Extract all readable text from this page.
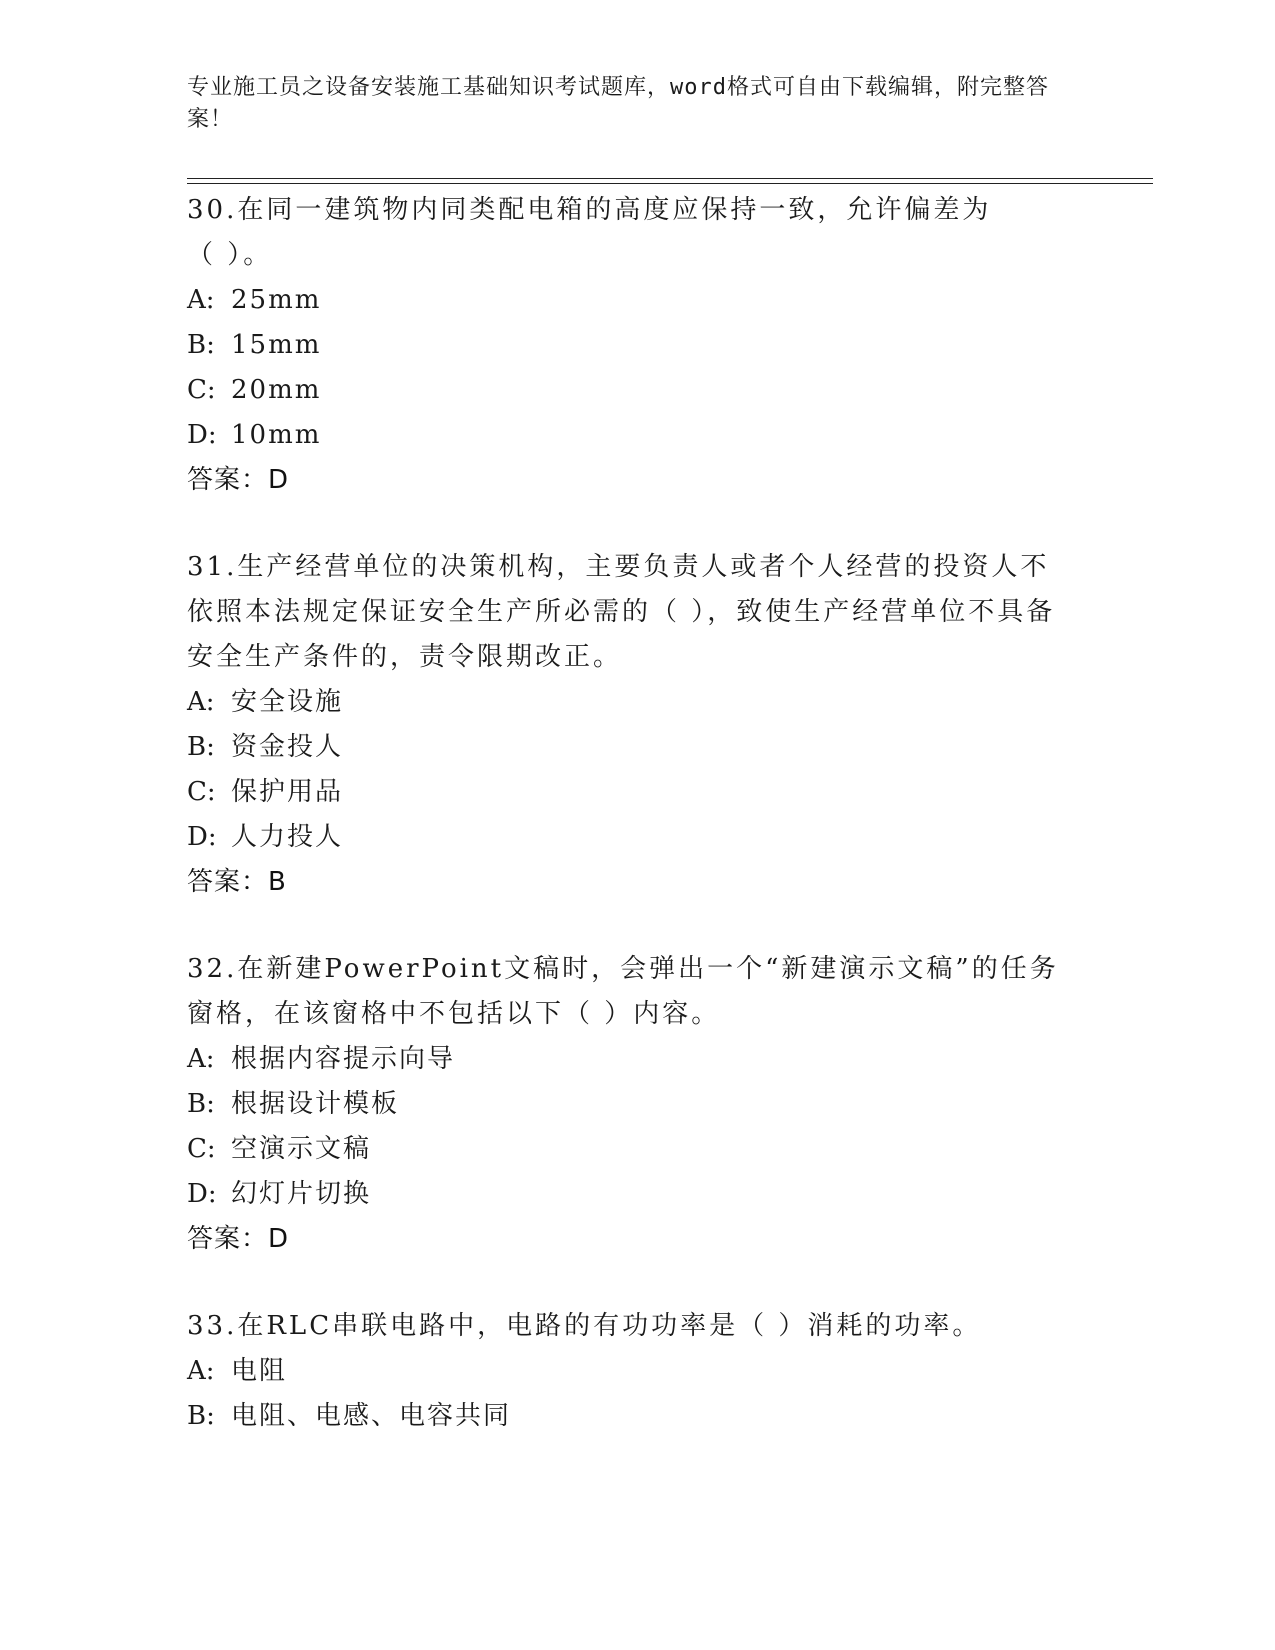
专业施工员之设备安装施工基础知识考试题库，word格式可自由下载编辑，附完整答案！
30.在同一建筑物内同类配电箱的高度应保持一致，允许偏差为（ ）。
A: 25mm
B: 15mm
C: 20mm
D: 10mm
答案：D
31.生产经营单位的决策机构，主要负责人或者个人经营的投资人不依照本法规定保证安全生产所必需的（ ），致使生产经营单位不具备安全生产条件的，责令限期改正。
A: 安全设施
B: 资金投人
C: 保护用品
D: 人力投人
答案：B
32.在新建PowerPoint文稿时，会弹出一个“新建演示文稿”的任务窗格，在该窗格中不包括以下（ ）内容。
A: 根据内容提示向导
B: 根据设计模板
C: 空演示文稿
D: 幻灯片切换
答案：D
33.在RLC串联电路中，电路的有功功率是（ ）消耗的功率。
A: 电阻
B: 电阻、电感、电容共同
